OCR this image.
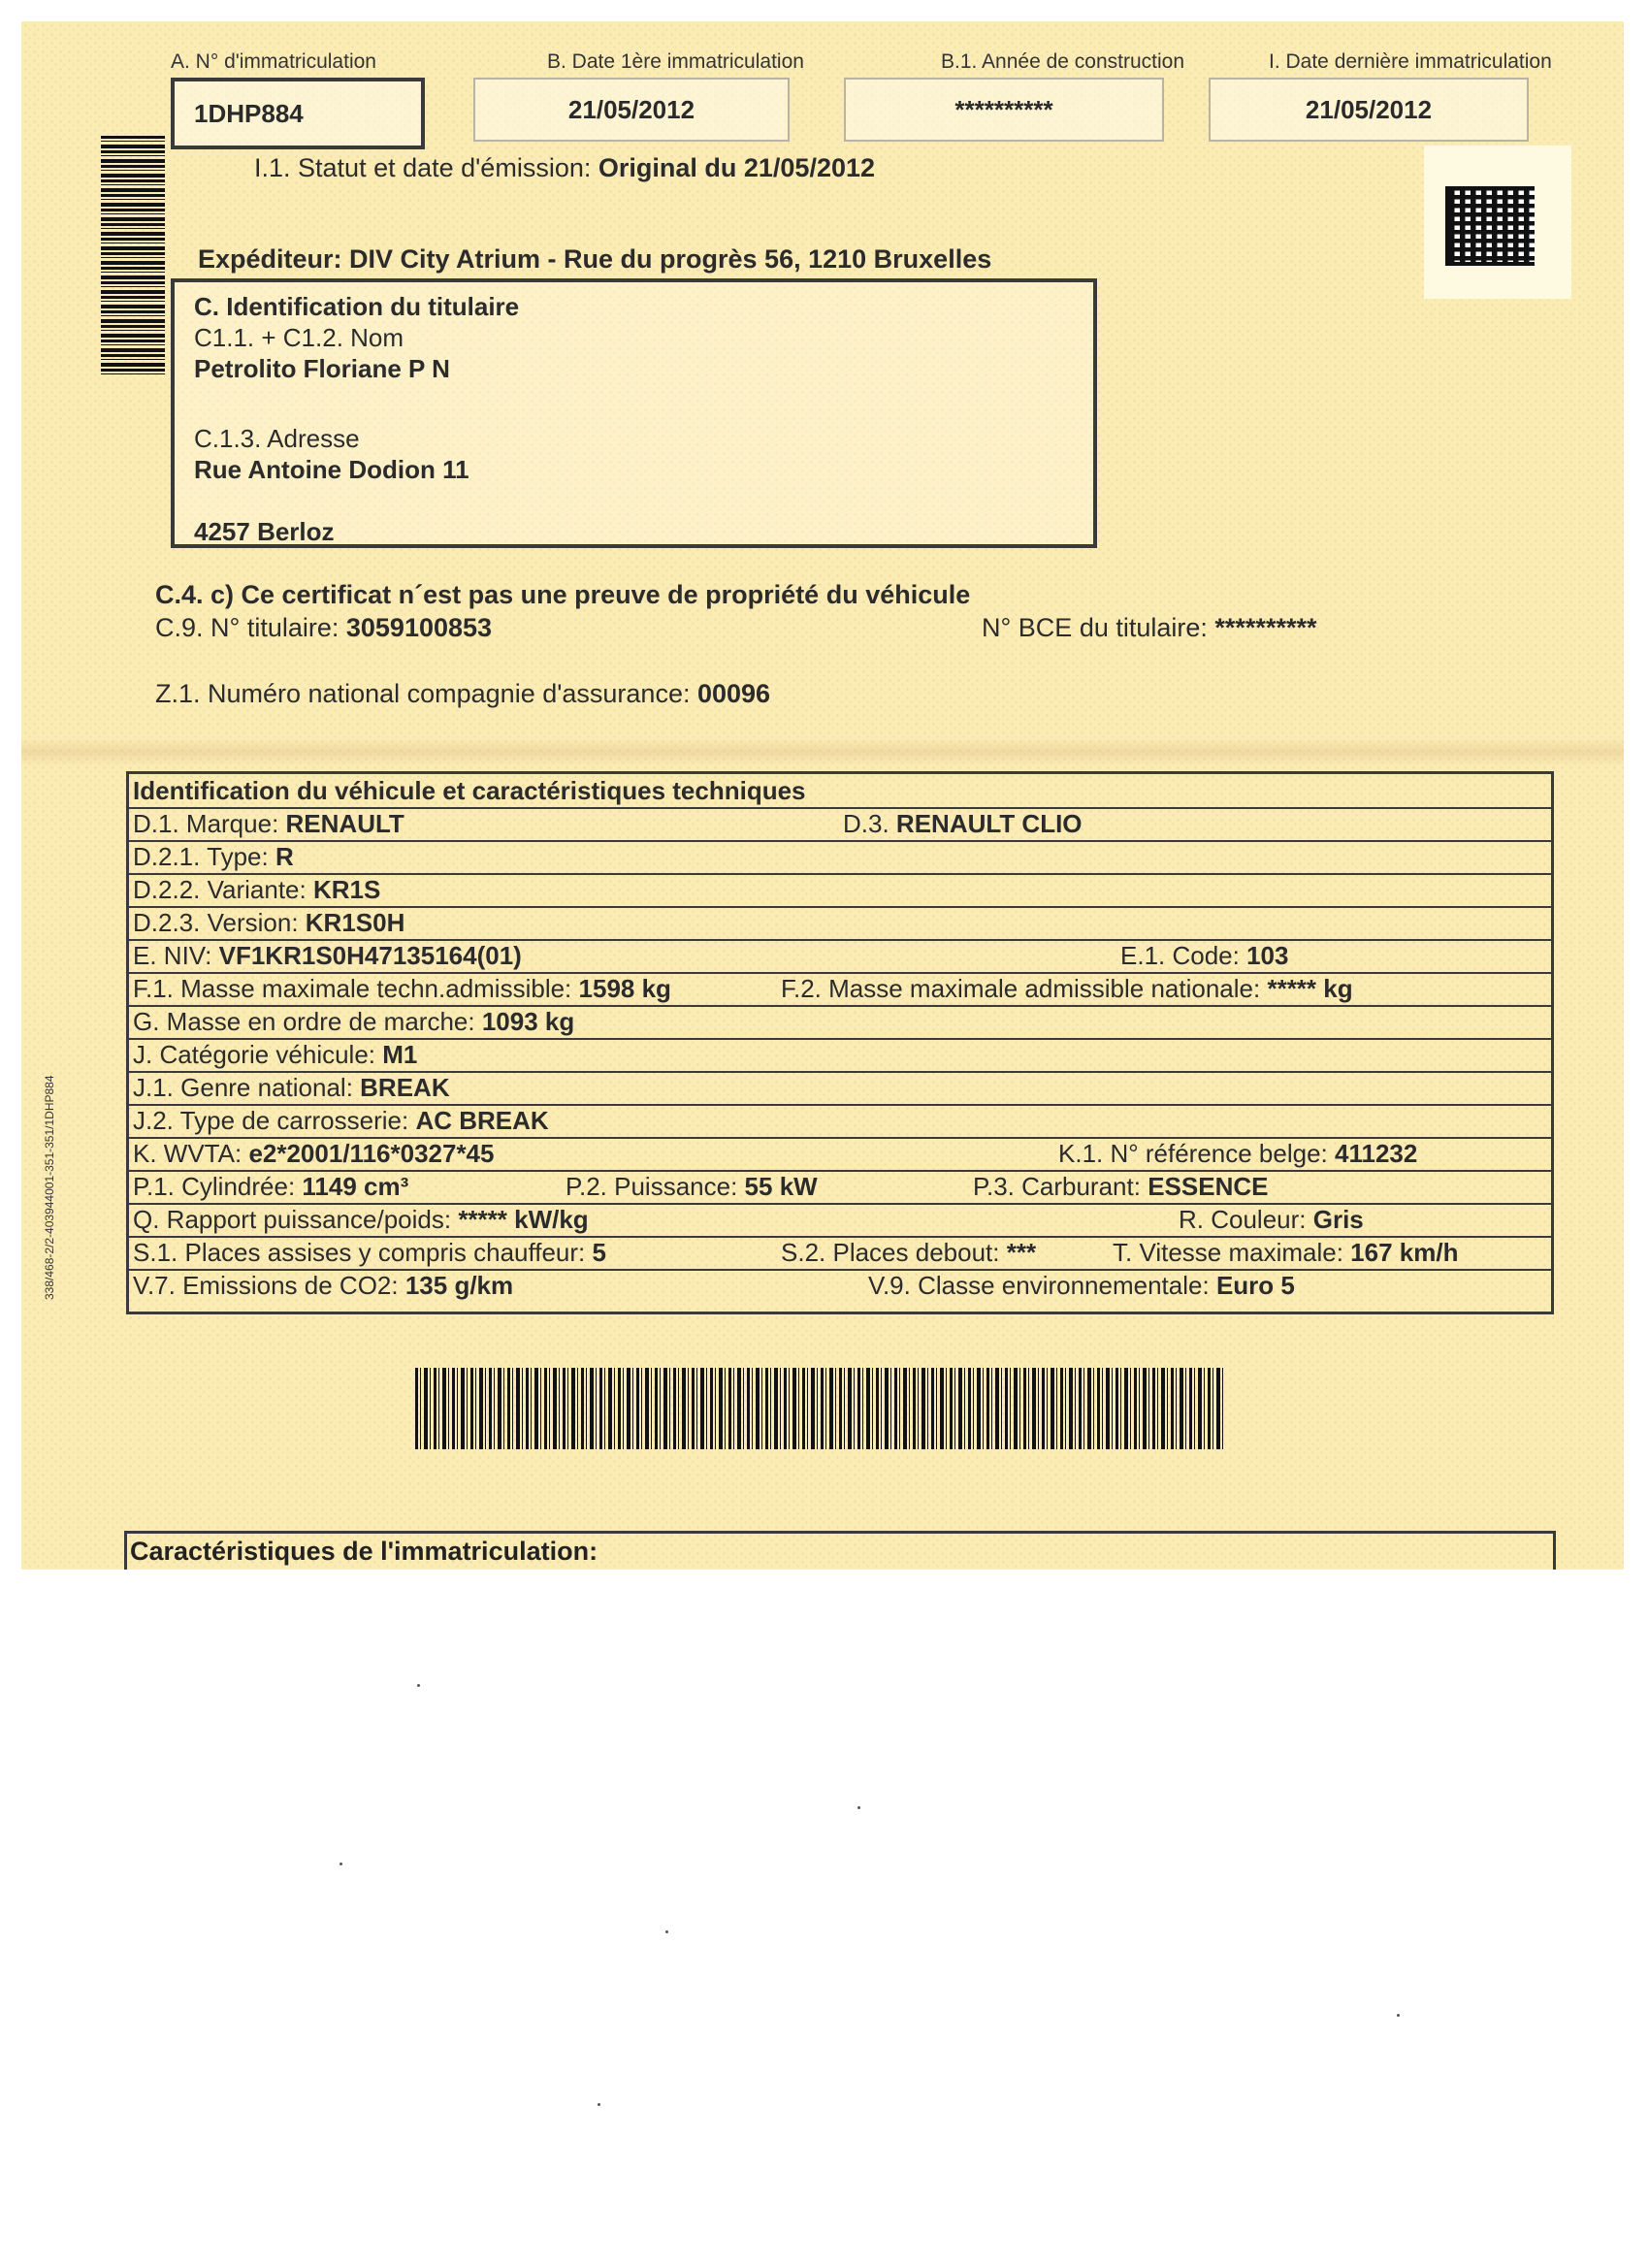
A. N° d'immatriculation
1DHP884
B. Date 1ère immatriculation
21/05/2012
B.1. Année de construction
**********
I. Date dernière immatriculation
21/05/2012
I.1. Statut et date d'émission: Original du 21/05/2012
Expéditeur: DIV City Atrium - Rue du progrès 56, 1210 Bruxelles
C. Identification du titulaire
C1.1. + C1.2. Nom
Petrolito Floriane P N
C.1.3. Adresse
Rue Antoine Dodion 11
4257 Berloz
C.4. c) Ce certificat n´est pas une preuve de propriété du véhicule
C.9. N° titulaire: 3059100853	N° BCE du titulaire: **********
Z.1. Numéro national compagnie d'assurance: 00096
338/468-2/2-403944001-351-351/1DHP884
Identification du véhicule et caractéristiques techniques
D.1. Marque: RENAULT	D.3. RENAULT CLIO
D.2.1. Type: R
D.2.2. Variante: KR1S
D.2.3. Version: KR1S0H
E. NIV: VF1KR1S0H47135164(01)	E.1. Code: 103
F.1. Masse maximale techn.admissible: 1598 kg	F.2. Masse maximale admissible nationale: ***** kg
G. Masse en ordre de marche: 1093 kg
J. Catégorie véhicule: M1
J.1. Genre national: BREAK
J.2. Type de carrosserie: AC BREAK
K. WVTA: e2*2001/116*0327*45	K.1. N° référence belge: 411232
P.1. Cylindrée: 1149 cm³	P.2. Puissance: 55 kW	P.3. Carburant: ESSENCE
Q. Rapport puissance/poids: ***** kW/kg	R. Couleur: Gris
S.1. Places assises y compris chauffeur: 5	S.2. Places debout: ***	T. Vitesse maximale: 167 km/h
V.7. Emissions de CO2: 135 g/km	V.9. Classe environnementale: Euro 5
Caractéristiques de l'immatriculation:
